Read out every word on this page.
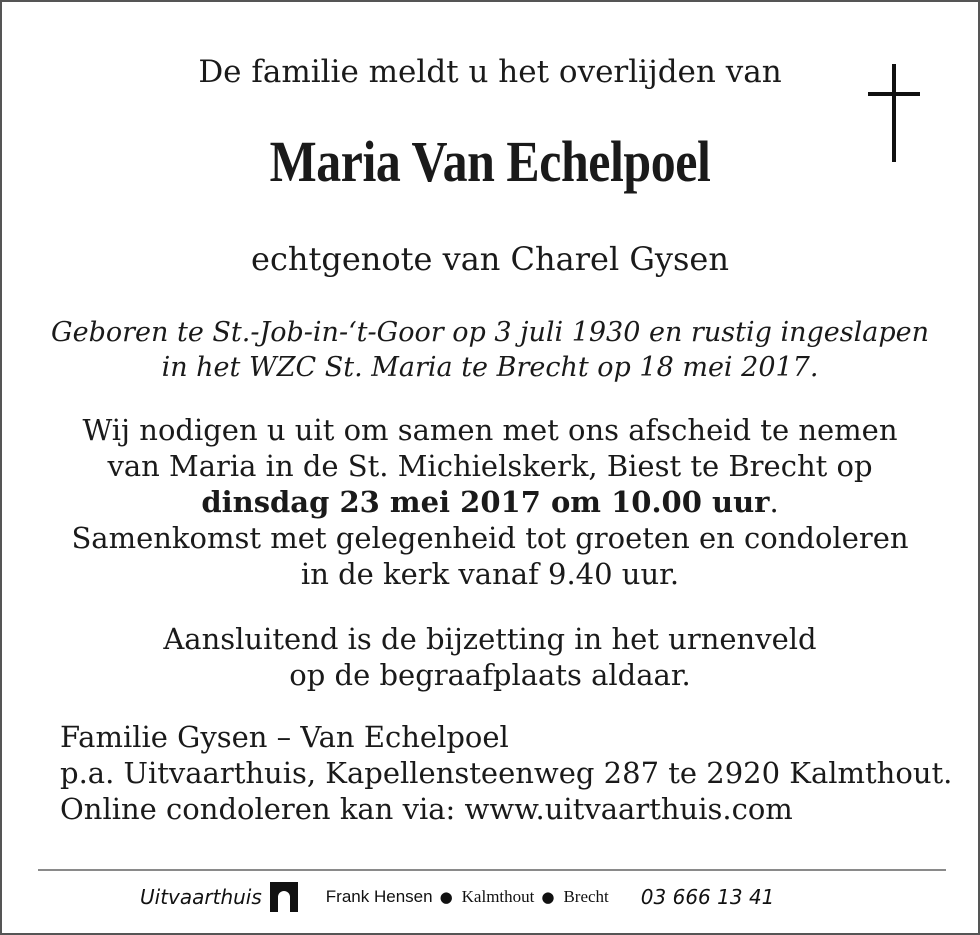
De familie meldt u het overlijden van
Maria Van Echelpoel
echtgenote van Charel Gysen
Geboren te St.-Job-in-‘t-Goor op 3 juli 1930 en rustig ingeslapen
in het WZC St. Maria te Brecht op 18 mei 2017.
Wij nodigen u uit om samen met ons afscheid te nemen
van Maria in de St. Michielskerk, Biest te Brecht op
dinsdag 23 mei 2017 om 10.00 uur.
Samenkomst met gelegenheid tot groeten en condoleren
in de kerk vanaf 9.40 uur.
Aansluitend is de bijzetting in het urnenveld
op de begraafplaats aldaar.
Familie Gysen – Van Echelpoel
p.a. Uitvaarthuis, Kapellensteenweg 287 te 2920 Kalmthout.
Online condoleren kan via: www.uitvaarthuis.com
Uitvaarthuis	Frank Hensen ● Kalmthout ● Brecht 03 666 13 41
